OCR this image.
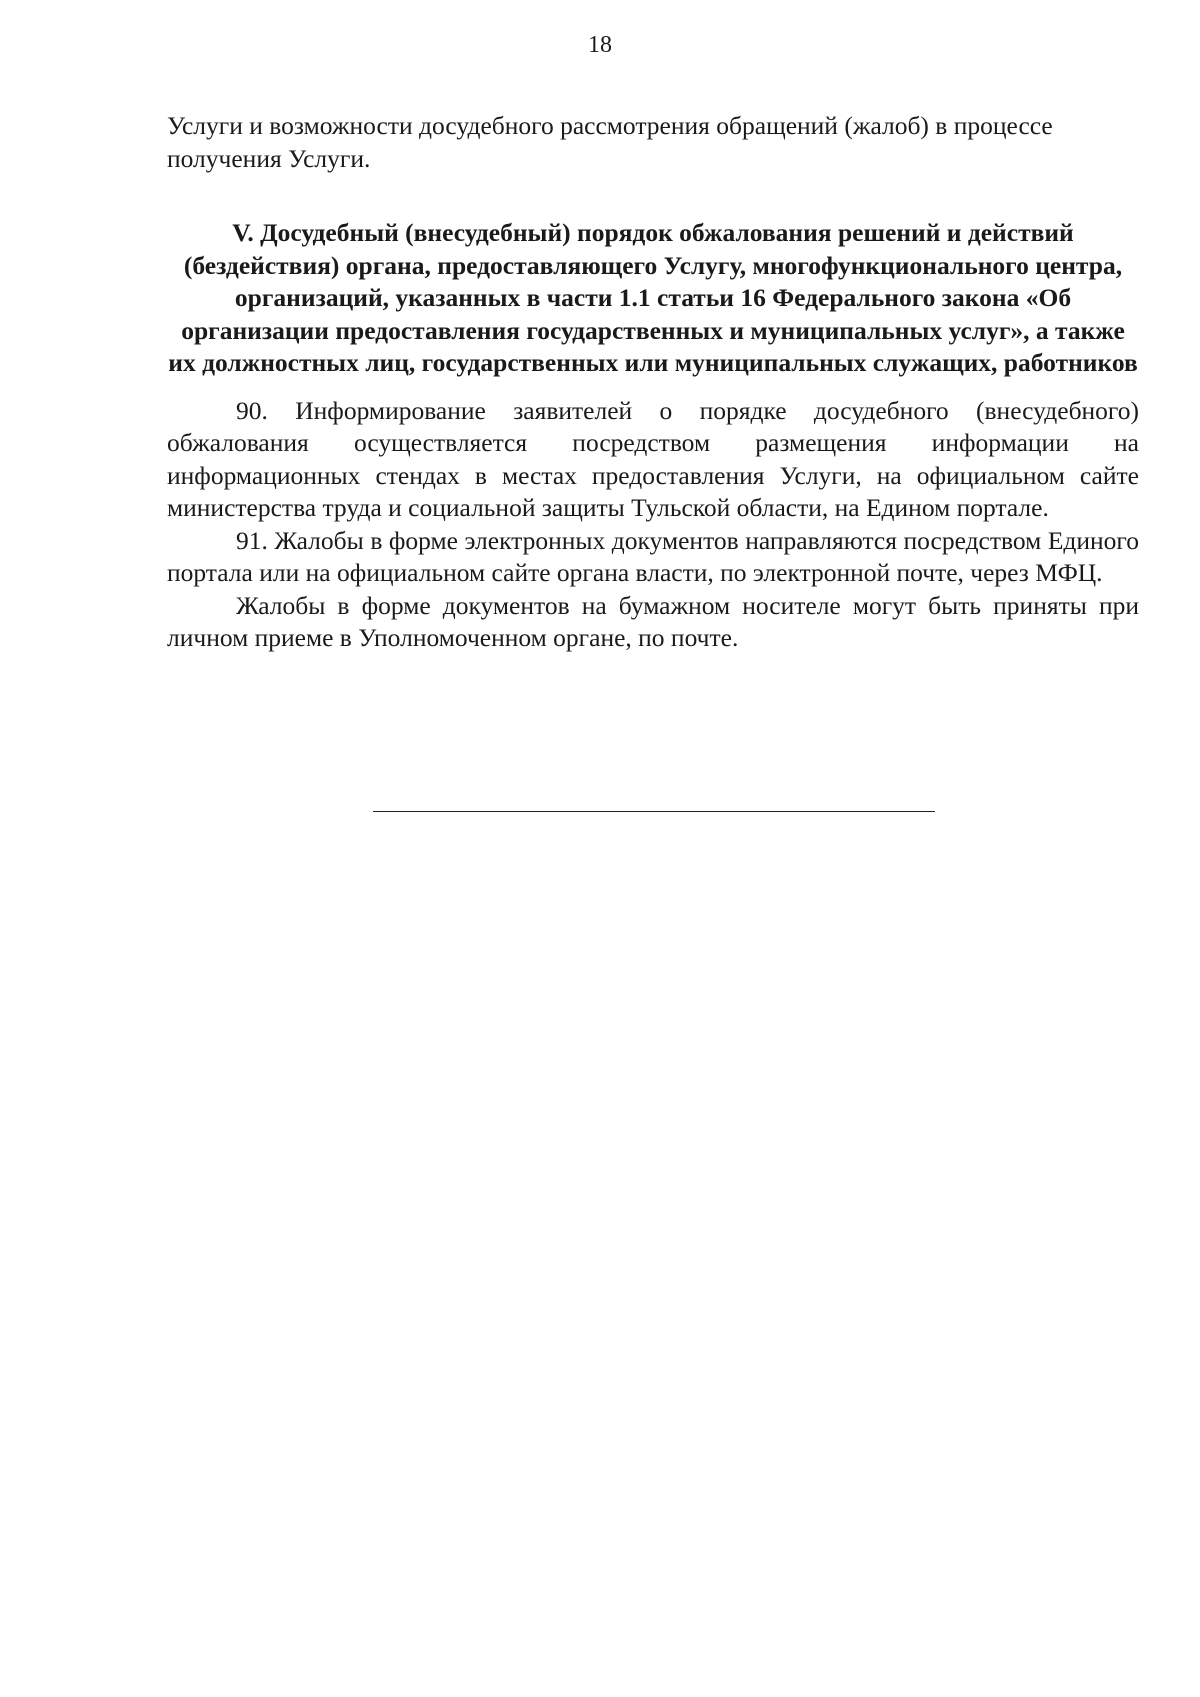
18

Услуги и возможности досудебного рассмотрения обращений (жалоб) в процессе получения Услуги.

V. Досудебный (внесудебный) порядок обжалования решений и действий (бездействия) органа, предоставляющего Услугу, многофункционального центра, организаций, указанных в части 1.1 статьи 16 Федерального закона «Об организации предоставления государственных и муниципальных услуг», а также их должностных лиц, государственных или муниципальных служащих, работников

90. Информирование заявителей о порядке досудебного (внесудебного) обжалования осуществляется посредством размещения информации на информационных стендах в местах предоставления Услуги, на официальном сайте министерства труда и социальной защиты Тульской области, на Едином портале.

91. Жалобы в форме электронных документов направляются посредством Единого портала или на официальном сайте органа власти, по электронной почте, через МФЦ.

Жалобы в форме документов на бумажном носителе могут быть приняты при личном приеме в Уполномоченном органе, по почте.
